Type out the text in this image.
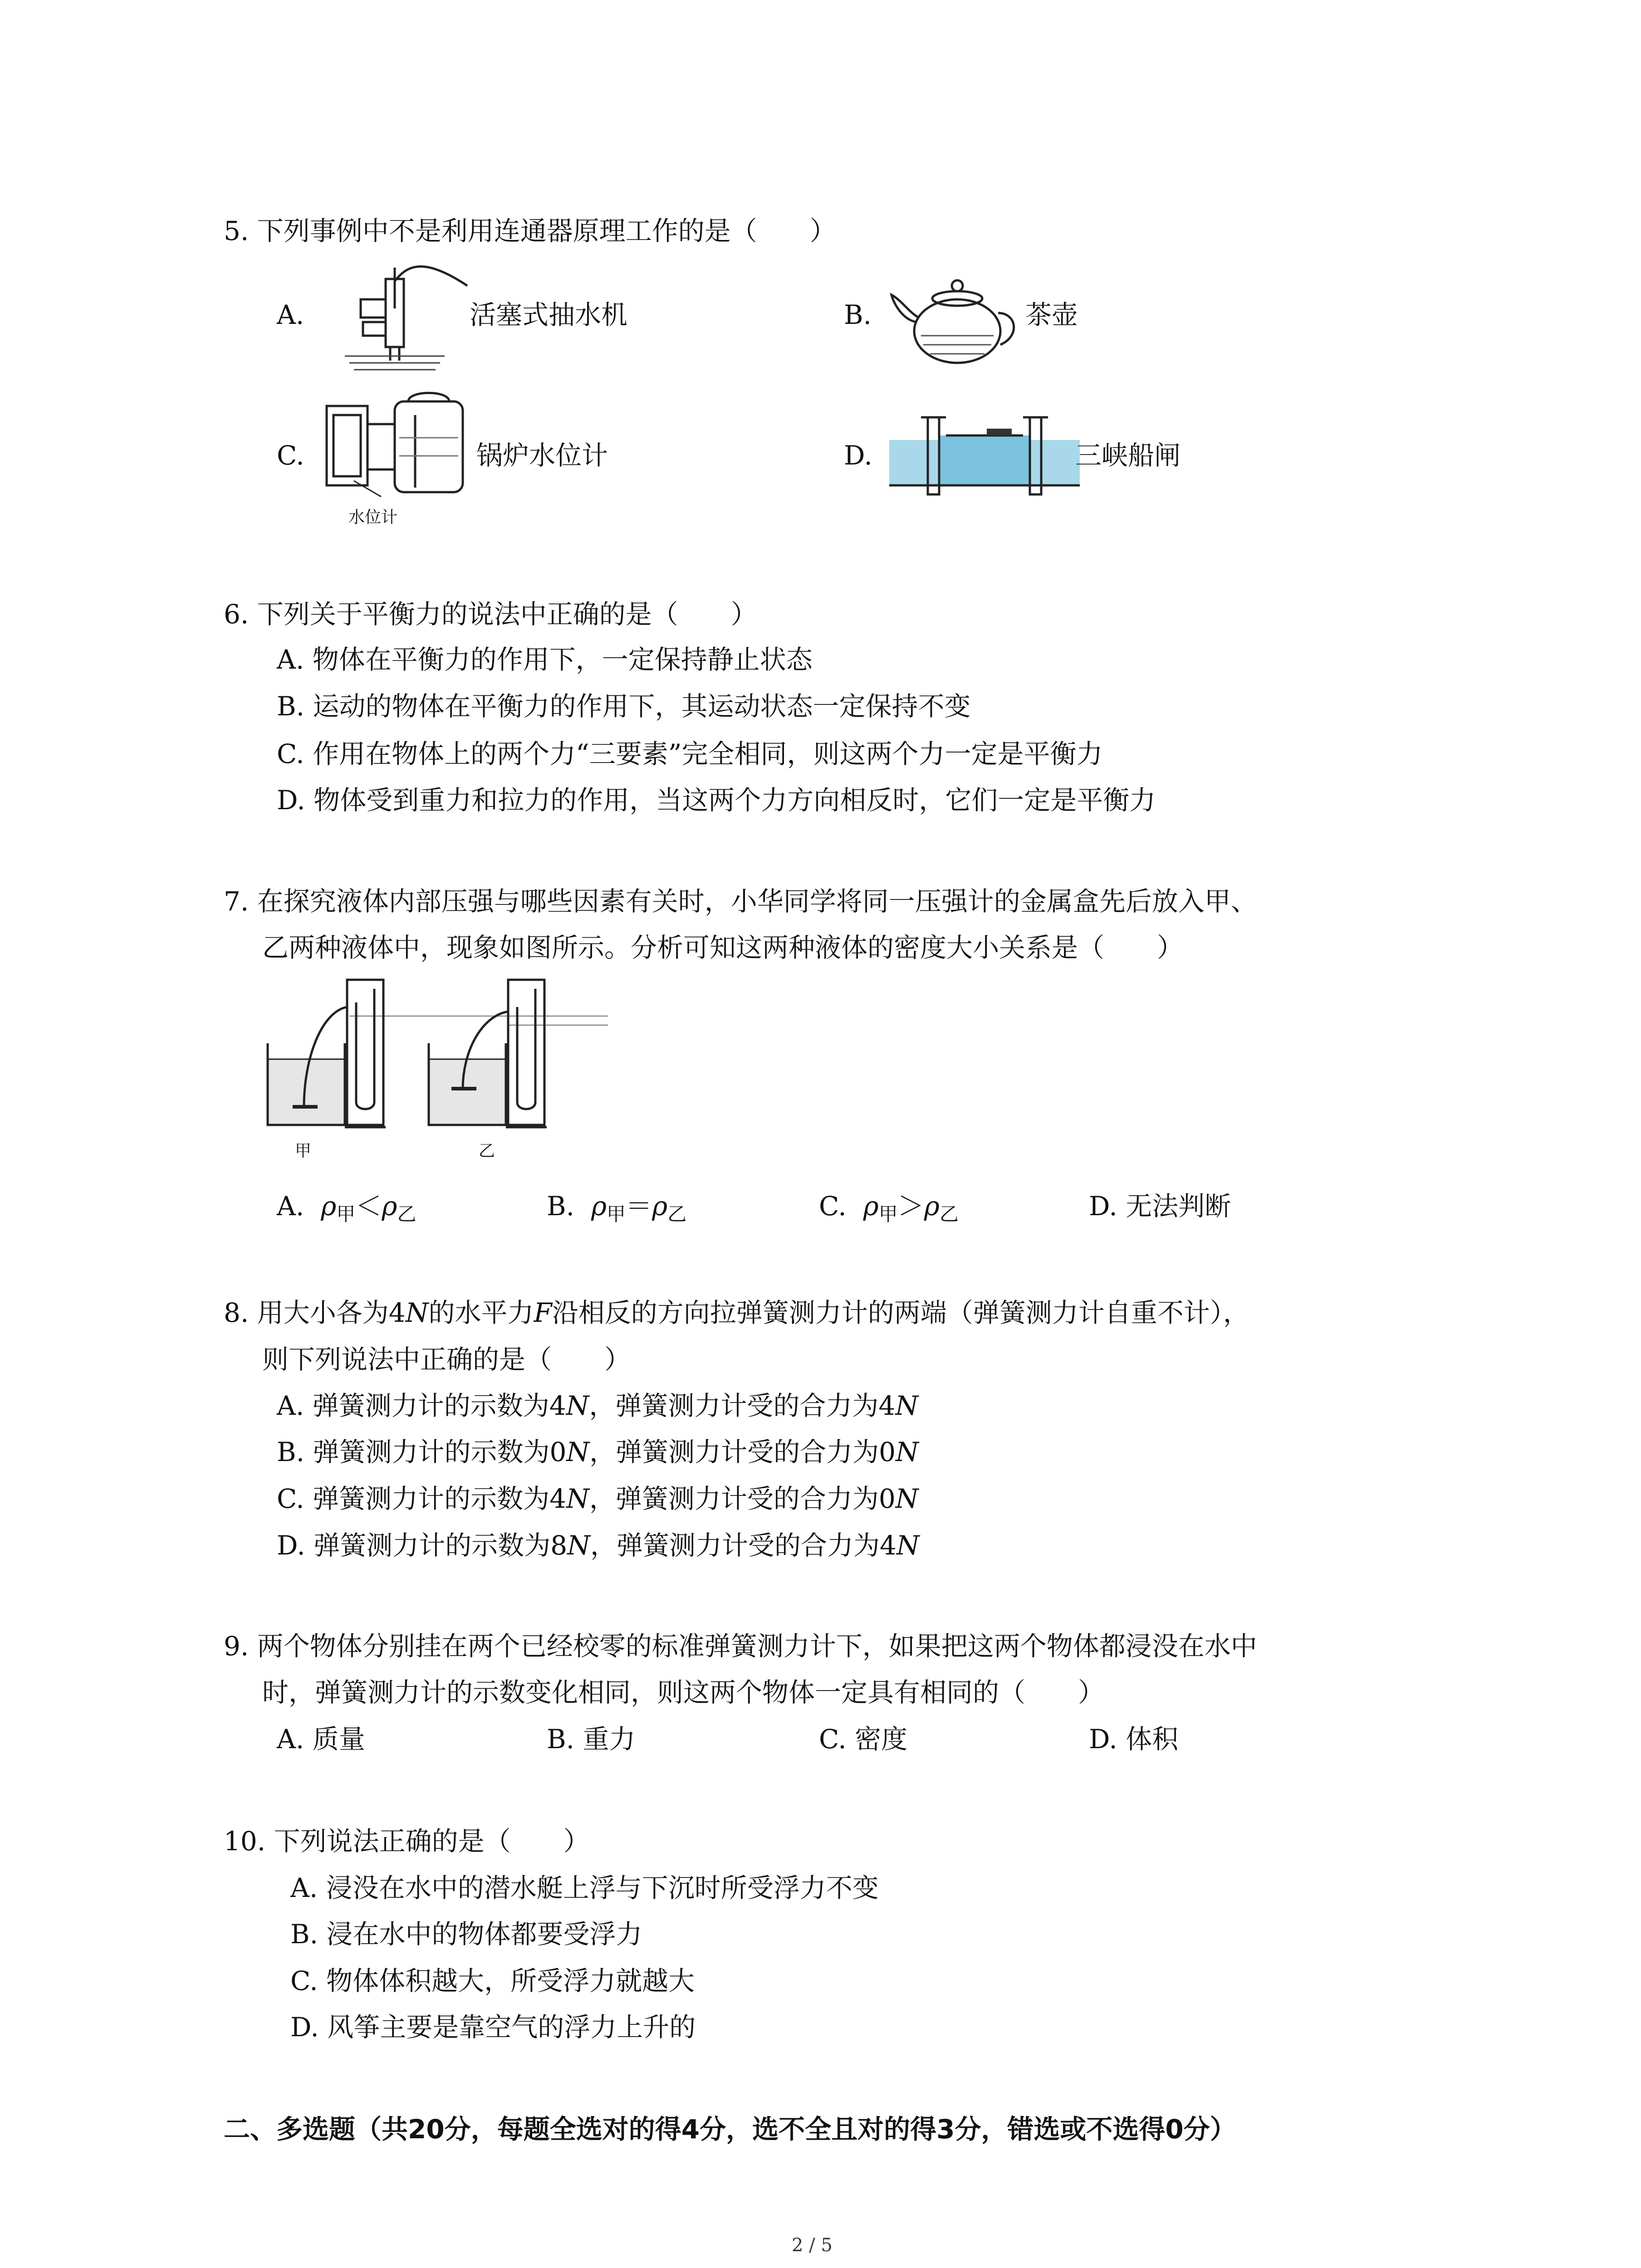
5. 下列事例中不是利用连通器原理工作的是（　　）
A.	活塞式抽水机	B.	茶壶
C.
水位计
锅炉水位计	D.	三峡船闸
6. 下列关于平衡力的说法中正确的是（　　）
A. 物体在平衡力的作用下，一定保持静止状态
B. 运动的物体在平衡力的作用下，其运动状态一定保持不变
C. 作用在物体上的两个力“三要素”完全相同，则这两个力一定是平衡力
D. 物体受到重力和拉力的作用，当这两个力方向相反时，它们一定是平衡力
7. 在探究液体内部压强与哪些因素有关时，小华同学将同一压强计的金属盒先后放入甲、
乙两种液体中，现象如图所示。分析可知这两种液体的密度大小关系是（　　）
甲	乙
A. $\rho_甲<\rho_乙$	B. $\rho_甲=\rho_乙$	C. $\rho_甲>\rho_乙$	D. 无法判断
8. 用大小各为4N的水平力F沿相反的方向拉弹簧测力计的两端（弹簧测力计自重不计），
则下列说法中正确的是（　　）
A. 弹簧测力计的示数为4N，弹簧测力计受的合力为4N
B. 弹簧测力计的示数为0N，弹簧测力计受的合力为0N
C. 弹簧测力计的示数为4N，弹簧测力计受的合力为0N
D. 弹簧测力计的示数为8N，弹簧测力计受的合力为4N
9. 两个物体分别挂在两个已经校零的标准弹簧测力计下，如果把这两个物体都浸没在水中
时，弹簧测力计的示数变化相同，则这两个物体一定具有相同的（　　）
A. 质量	B. 重力	C. 密度	D. 体积
10. 下列说法正确的是（　　）
A. 浸没在水中的潜水艇上浮与下沉时所受浮力不变
B. 浸在水中的物体都要受浮力
C. 物体体积越大，所受浮力就越大
D. 风筝主要是靠空气的浮力上升的
二、多选题（共20分，每题全选对的得4分，选不全且对的得3分，错选或不选得0分）
2 / 5
